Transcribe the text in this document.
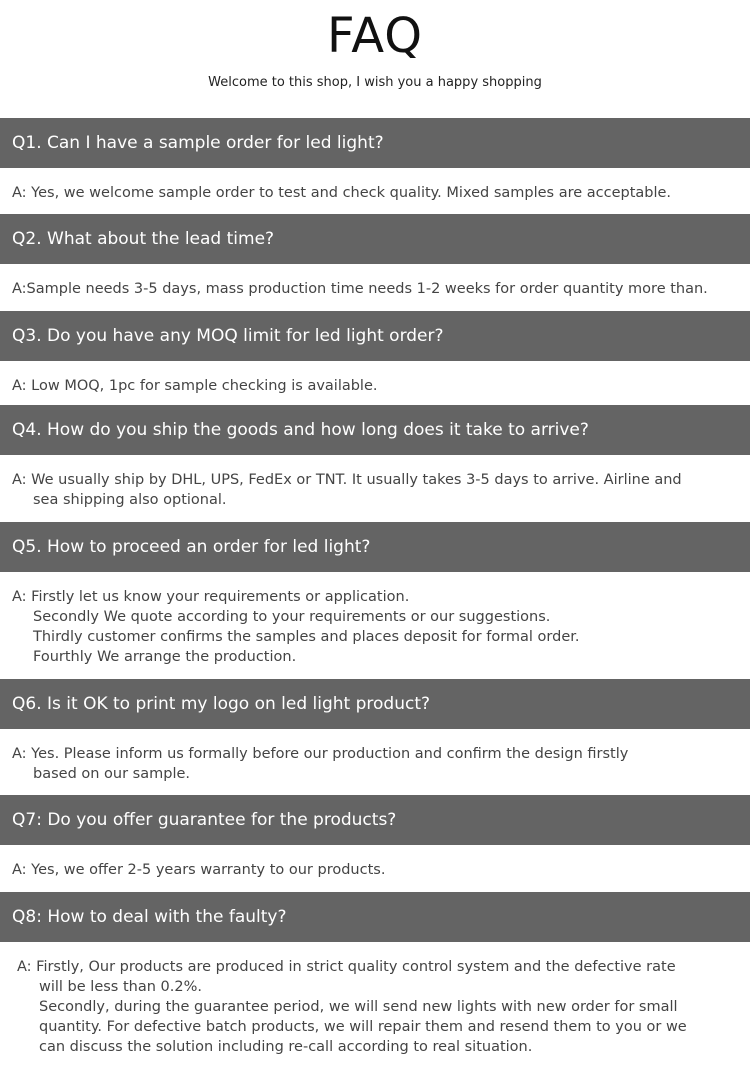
FAQ
Welcome to this shop, I wish you a happy shopping
Q1. Can I have a sample order for led light?
A: Yes, we welcome sample order to test and check quality. Mixed samples are acceptable.
Q2. What about the lead time?
A:Sample needs 3-5 days, mass production time needs 1-2 weeks for order quantity more than.
Q3. Do you have any MOQ limit for led light order?
A: Low MOQ, 1pc for sample checking is available.
Q4. How do you ship the goods and how long does it take to arrive?
A: We usually ship by DHL, UPS, FedEx or TNT. It usually takes 3-5 days to arrive. Airline and
sea shipping also optional.
Q5. How to proceed an order for led light?
A: Firstly let us know your requirements or application.
Secondly We quote according to your requirements or our suggestions.
Thirdly customer confirms the samples and places deposit for formal order.
Fourthly We arrange the production.
Q6. Is it OK to print my logo on led light product?
A: Yes. Please inform us formally before our production and confirm the design firstly
based on our sample.
Q7: Do you offer guarantee for the products?
A: Yes, we offer 2-5 years warranty to our products.
Q8: How to deal with the faulty?
A: Firstly, Our products are produced in strict quality control system and the defective rate
will be less than 0.2%.
Secondly, during the guarantee period, we will send new lights with new order for small
quantity. For defective batch products, we will repair them and resend them to you or we
can discuss the solution including re-call according to real situation.
